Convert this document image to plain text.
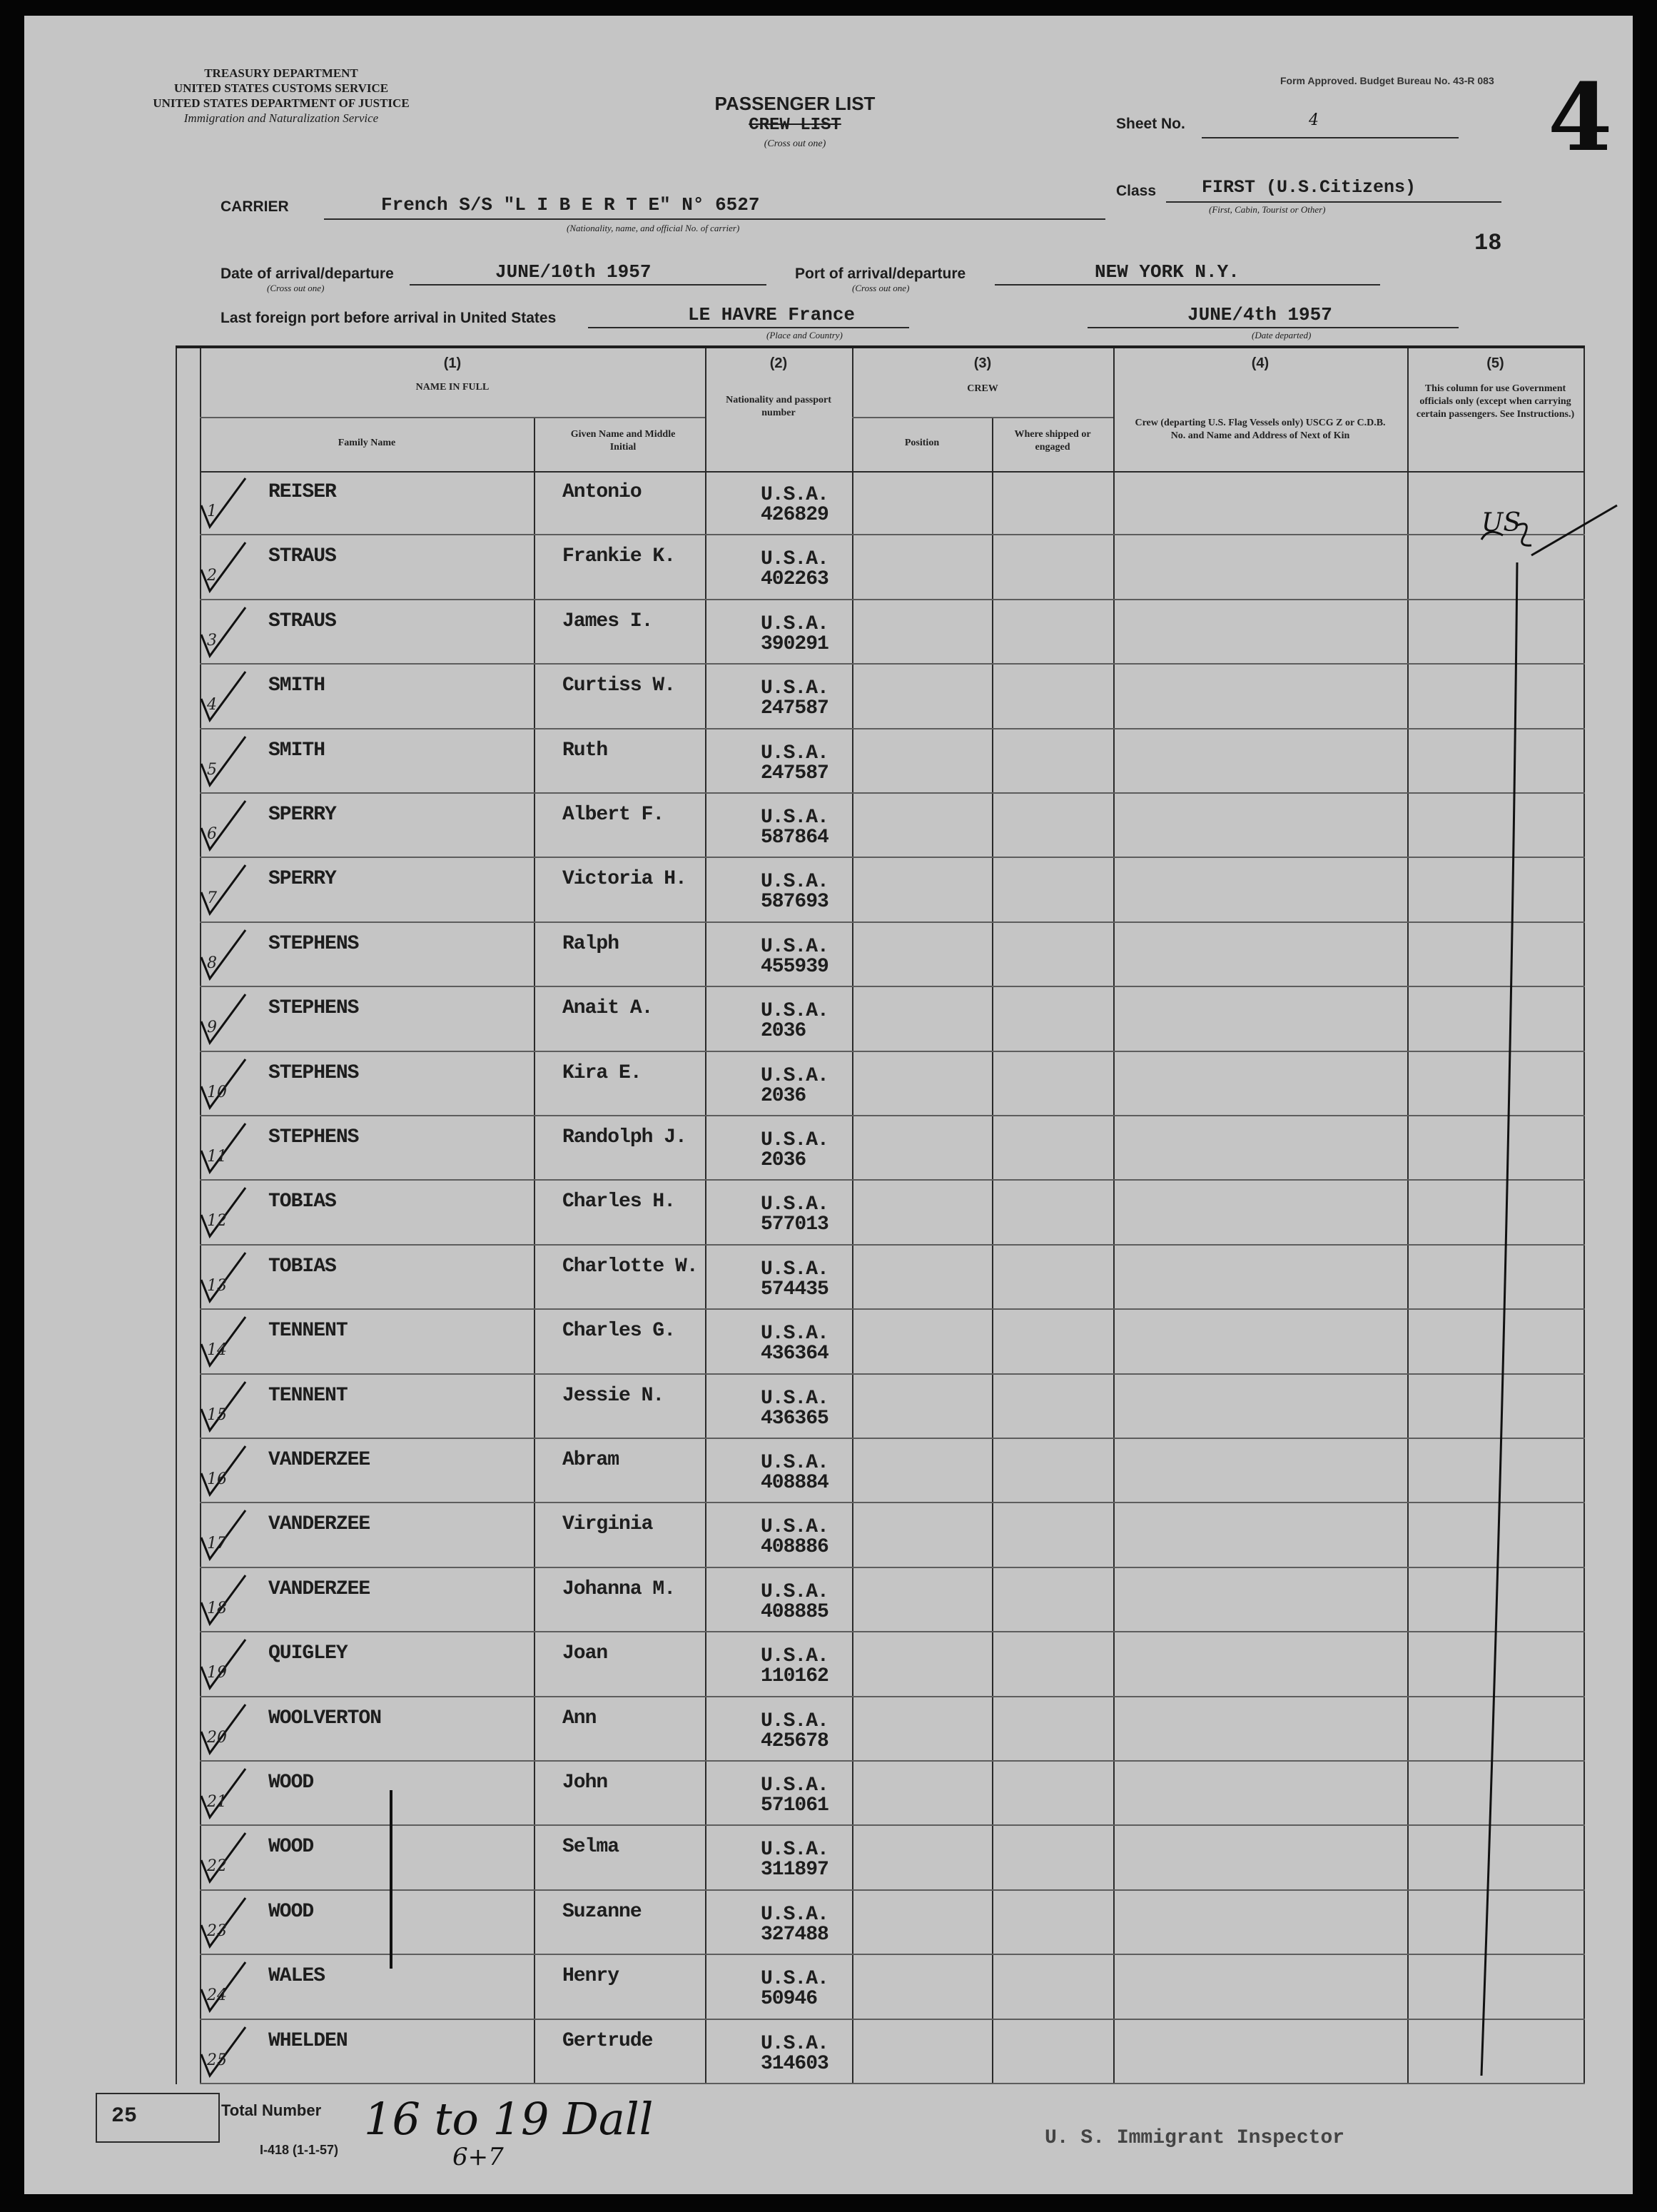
TREASURY DEPARTMENT
UNITED STATES CUSTOMS SERVICE
UNITED STATES DEPARTMENT OF JUSTICE
Immigration and Naturalization Service
PASSENGER LIST
CREW LIST
(Cross out one)
Form Approved. Budget Bureau No. 43-R 083 4
Sheet No.	4
CARRIER	French S/S "L I B E R T E" N° 6527
(Nationality, name, and official No. of carrier)
Class	FIRST (U.S.Citizens)
(First, Cabin, Tourist or Other)
18
Date of arrival/departure
(Cross out one)
JUNE/10th 1957	Port of arrival/departure
(Cross out one)
NEW YORK N.Y.
Last foreign port before arrival in United States	LE HAVRE France
(Place and Country)
JUNE/4th 1957
(Date departed)
(1)
NAME IN FULL
Family Name
Given Name and Middle Initial
(2)
Nationality and passport number
(3)
CREW
Position
Where shipped or engaged
(4)
Crew (departing U.S. Flag Vessels only) USCG Z or C.D.B. No. and Name and Address of Next of Kin
(5)
This column for use Government officials only (except when carrying certain passengers. See Instructions.)
1
REISER	Antonio	U.S.A.
426829
2
STRAUS	Frankie K.	U.S.A.
402263
3
STRAUS	James I.	U.S.A.
390291
4
SMITH	Curtiss W.	U.S.A.
247587
5
SMITH	Ruth	U.S.A.
247587
6
SPERRY	Albert F.	U.S.A.
587864
7
SPERRY	Victoria H.	U.S.A.
587693
8
STEPHENS	Ralph	U.S.A.
455939
9
STEPHENS	Anait A.	U.S.A.
2036
10
STEPHENS	Kira E.	U.S.A.
2036
11
STEPHENS	Randolph J.	U.S.A.
2036
12
TOBIAS	Charles H.	U.S.A.
577013
13
TOBIAS	Charlotte W.	U.S.A.
574435
14
TENNENT	Charles G.	U.S.A.
436364
15
TENNENT	Jessie N.	U.S.A.
436365
16
VANDERZEE	Abram	U.S.A.
408884
17
VANDERZEE	Virginia	U.S.A.
408886
18
VANDERZEE	Johanna M.	U.S.A.
408885
19
QUIGLEY	Joan	U.S.A.
110162
20
WOOLVERTON	Ann	U.S.A.
425678
21
WOOD	John	U.S.A.
571061
22
WOOD	Selma	U.S.A.
311897
23
WOOD	Suzanne	U.S.A.
327488
24
WALES	Henry	U.S.A.
50946
25
WHELDEN	Gertrude	U.S.A.
314603
US
25	Total Number
I-418 (1-1-57)
16 to 19 Dall
6+7
U. S. Immigrant Inspector
